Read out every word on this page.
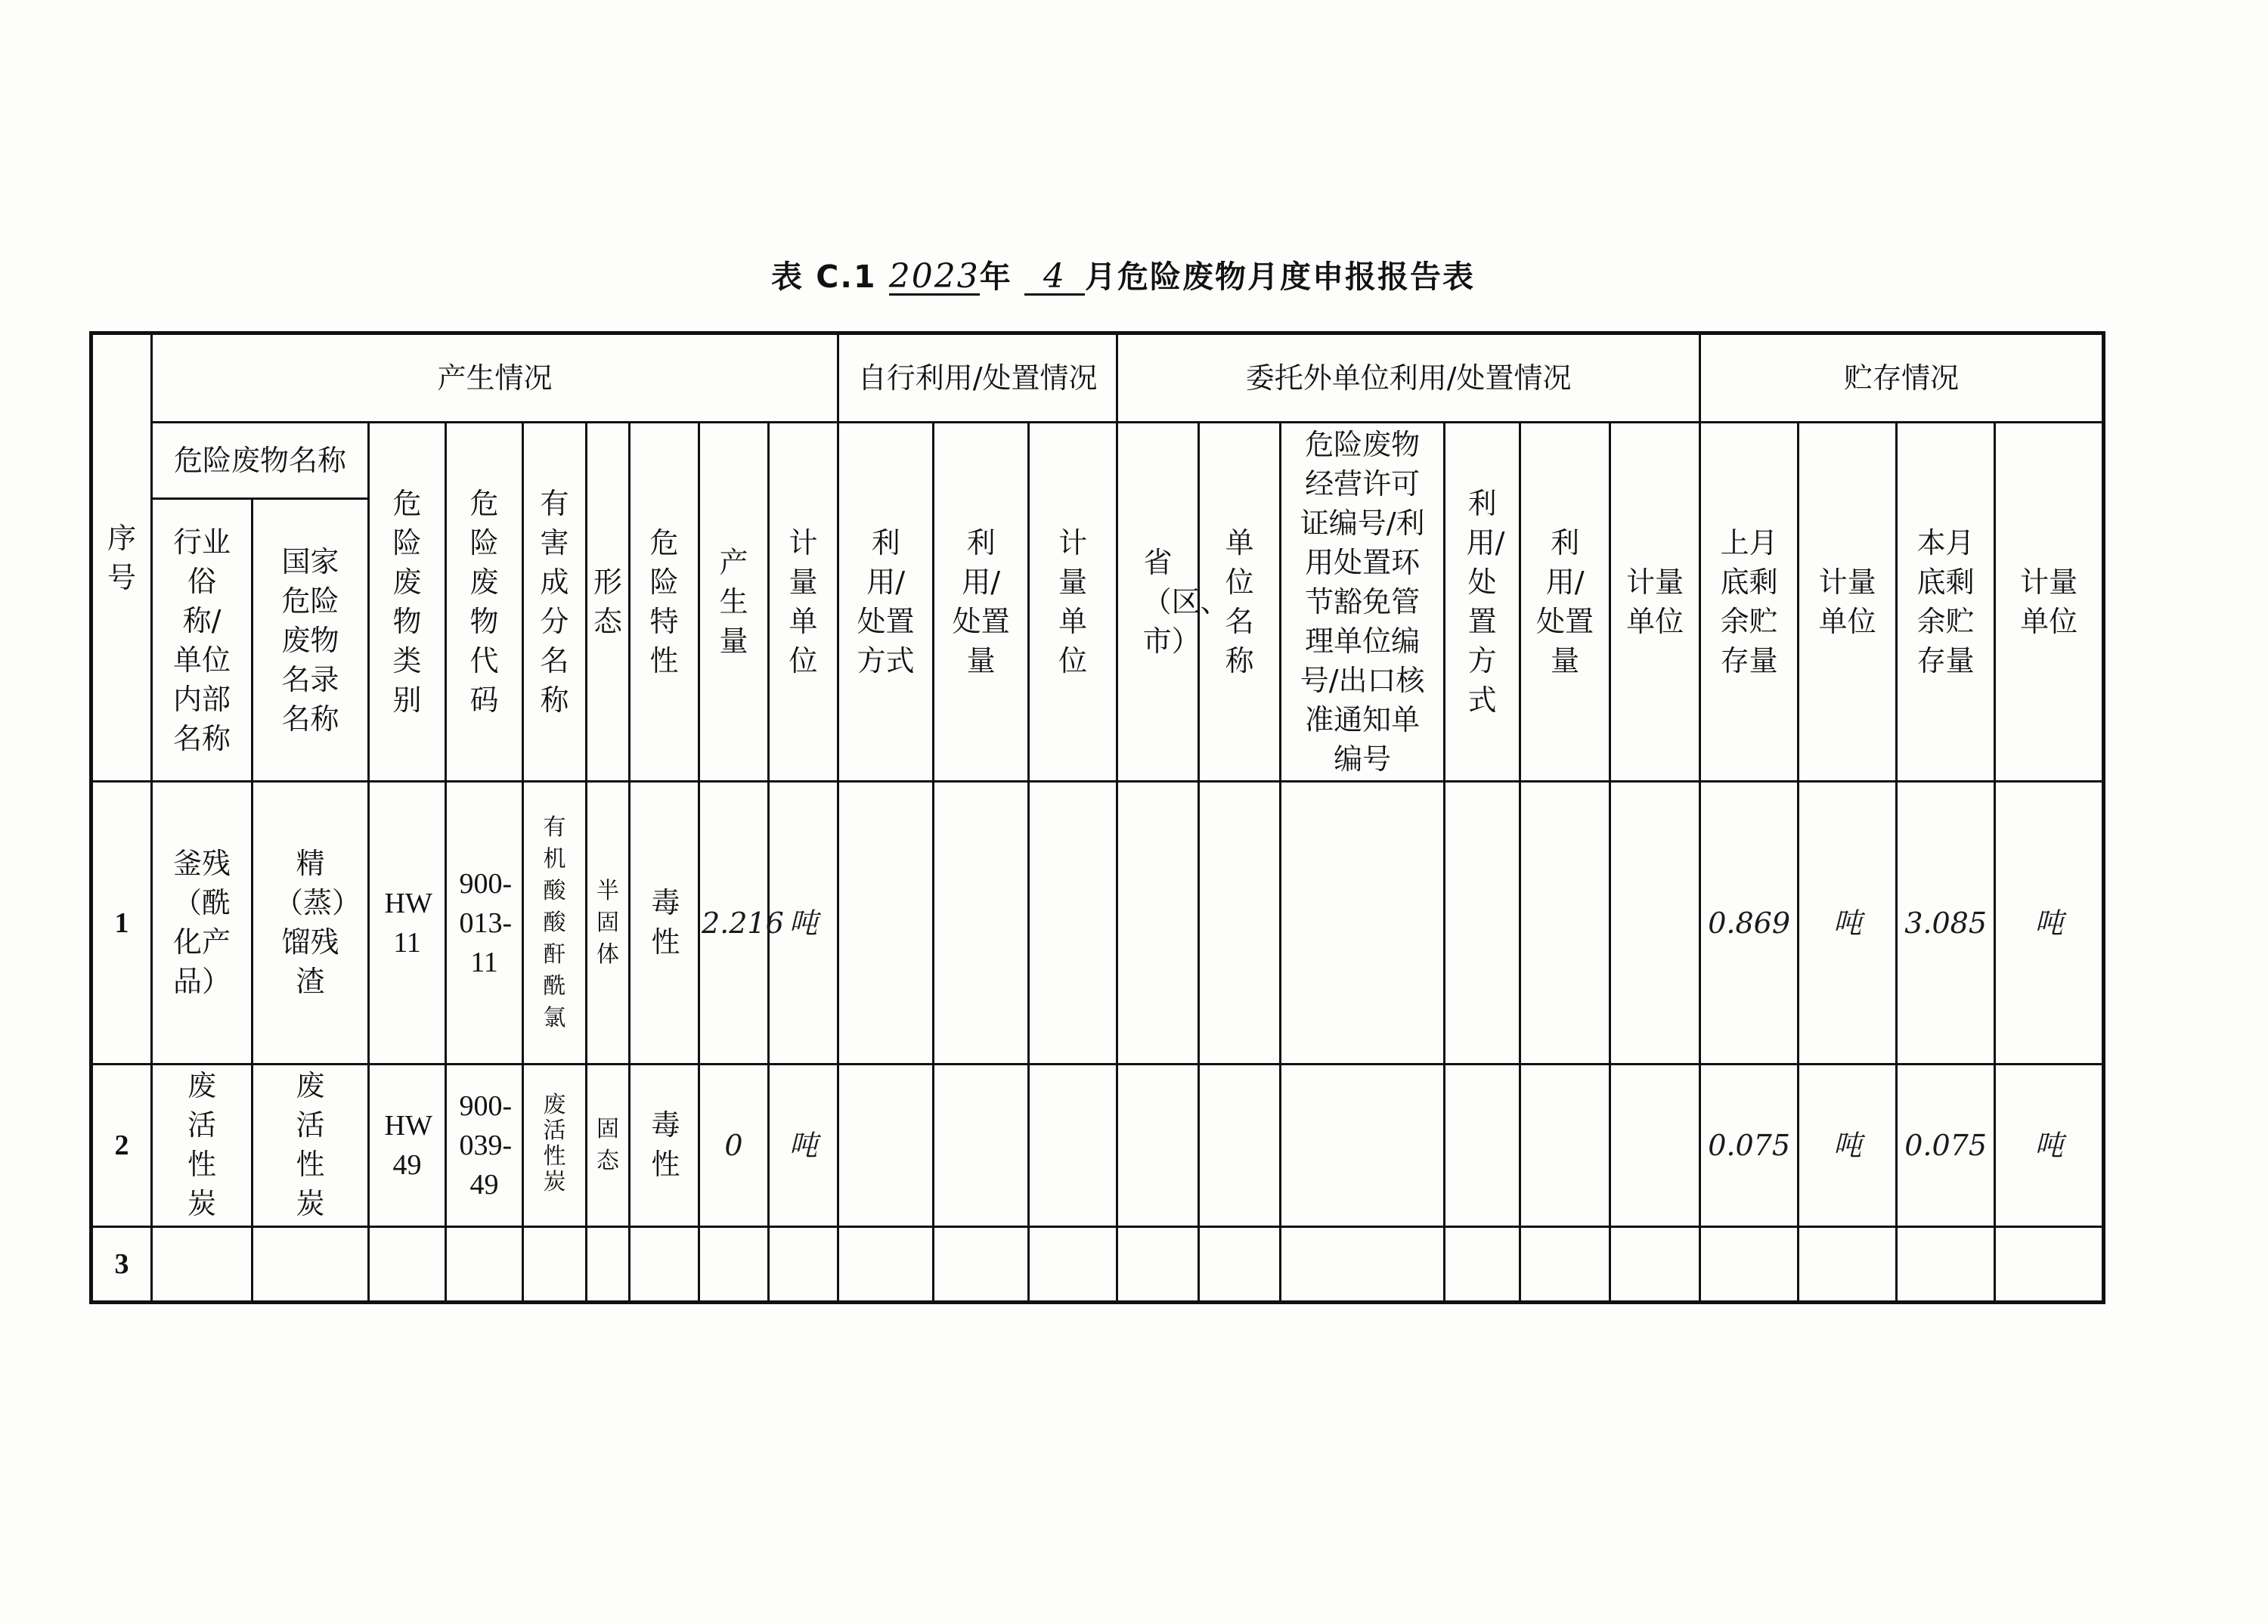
表 C.1 2023年 4 月危险废物月度申报报告表
序号	产生情况									自行利用/处置情况			委托外单位利用/处置情况						贮存情况			
	危险废物名称		危险废物类别	危险废物代码	有害成分名称	形态	危险特性	产生量	计量单位	利用/处置方式	利用/处置量	计量单位	省（区、市）	单位名称	危险废物经营许可证编号/利用处置环节豁免管理单位编号/出口核准通知单编号	利用/处置方式	利用/处置量	计量单位	上月底剩余贮存量	计量单位	本月底剩余贮存量	计量单位
	行业俗称/单位内部名称	国家危险废物名录名称																				
1	釜残（酰化产品）	精（蒸）馏残渣	HW 11	900-013-11	有机酸 酸酐 酰氯	半固体	毒性	2.216	吨										0.869	吨	3.085	吨
2	废活性炭	废活性炭	HW 49	900-039-49	废活性炭	固态	毒性	0	吨										0.075	吨	0.075	吨
3																						
